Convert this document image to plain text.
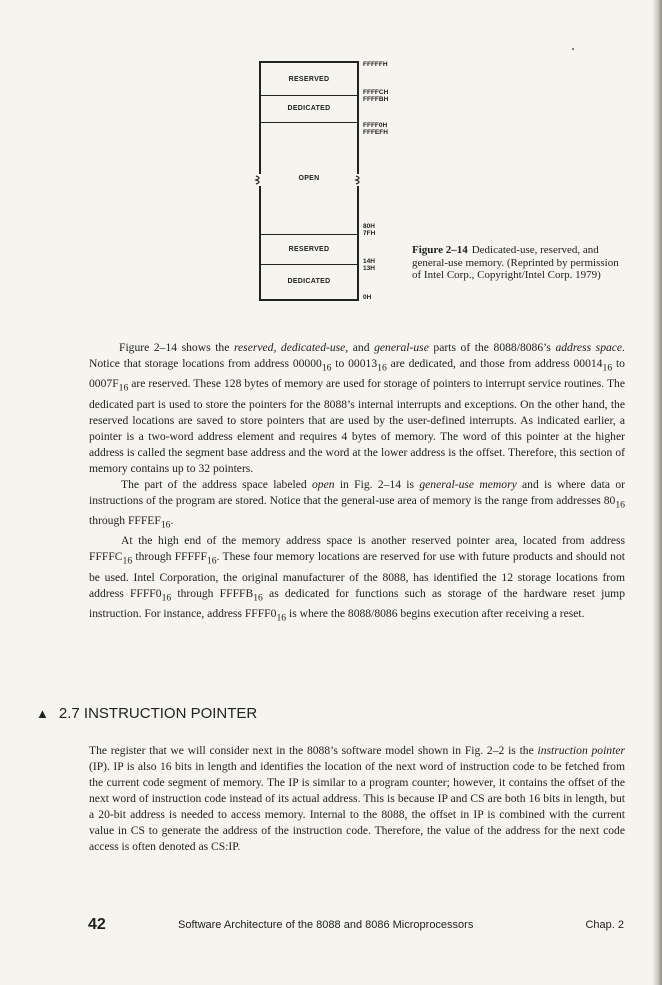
RESERVED
DEDICATED
OPEN
RESERVED
DEDICATED
FFFFFH
FFFFCH
FFFFBH
FFFF0H
FFFEFH
80H
7FH
14H
13H
0H
Figure 2–14 Dedicated-use, reserved, and general-use memory. (Reprinted by permission of Intel Corp., Copyright/Intel Corp. 1979)

Figure 2–14 shows the reserved, dedicated-use, and general-use parts of the 8088/8086’s address space. Notice that storage locations from address $00000_{16}$ to $00013_{16}$ are dedicated, and those from address $00014_{16}$ to $0007F_{16}$ are reserved. These 128 bytes of memory are used for storage of pointers to interrupt service routines. The dedicated part is used to store the pointers for the 8088’s internal interrupts and exceptions. On the other hand, the reserved locations are saved to store pointers that are used by the user-defined interrupts. As indicated earlier, a pointer is a two-word address element and requires 4 bytes of memory. The word of this pointer at the higher address is called the segment base address and the word at the lower address is the offset. Therefore, this section of memory contains up to 32 pointers.

The part of the address space labeled open in Fig. 2–14 is general-use memory and is where data or instructions of the program are stored. Notice that the general-use area of memory is the range from addresses $80_{16}$ through $FFFEF_{16}$.

At the high end of the memory address space is another reserved pointer area, located from address $FFFFC_{16}$ through $FFFFF_{16}$. These four memory locations are reserved for use with future products and should not be used. Intel Corporation, the original manufacturer of the 8088, has identified the 12 storage locations from address $FFFF0_{16}$ through $FFFFB_{16}$ as dedicated for functions such as storage of the hardware reset jump instruction. For instance, address $FFFF0_{16}$ is where the 8088/8086 begins execution after receiving a reset.

▲ 2.7 INSTRUCTION POINTER

The register that we will consider next in the 8088’s software model shown in Fig. 2–2 is the instruction pointer (IP). IP is also 16 bits in length and identifies the location of the next word of instruction code to be fetched from the current code segment of memory. The IP is similar to a program counter; however, it contains the offset of the next word of instruction code instead of its actual address. This is because IP and CS are both 16 bits in length, but a 20-bit address is needed to access memory. Internal to the 8088, the offset in IP is combined with the current value in CS to generate the address of the instruction code. Therefore, the value of the address for the next code access is often denoted as CS:IP.

42	Software Architecture of the 8088 and 8086 Microprocessors	Chap. 2
